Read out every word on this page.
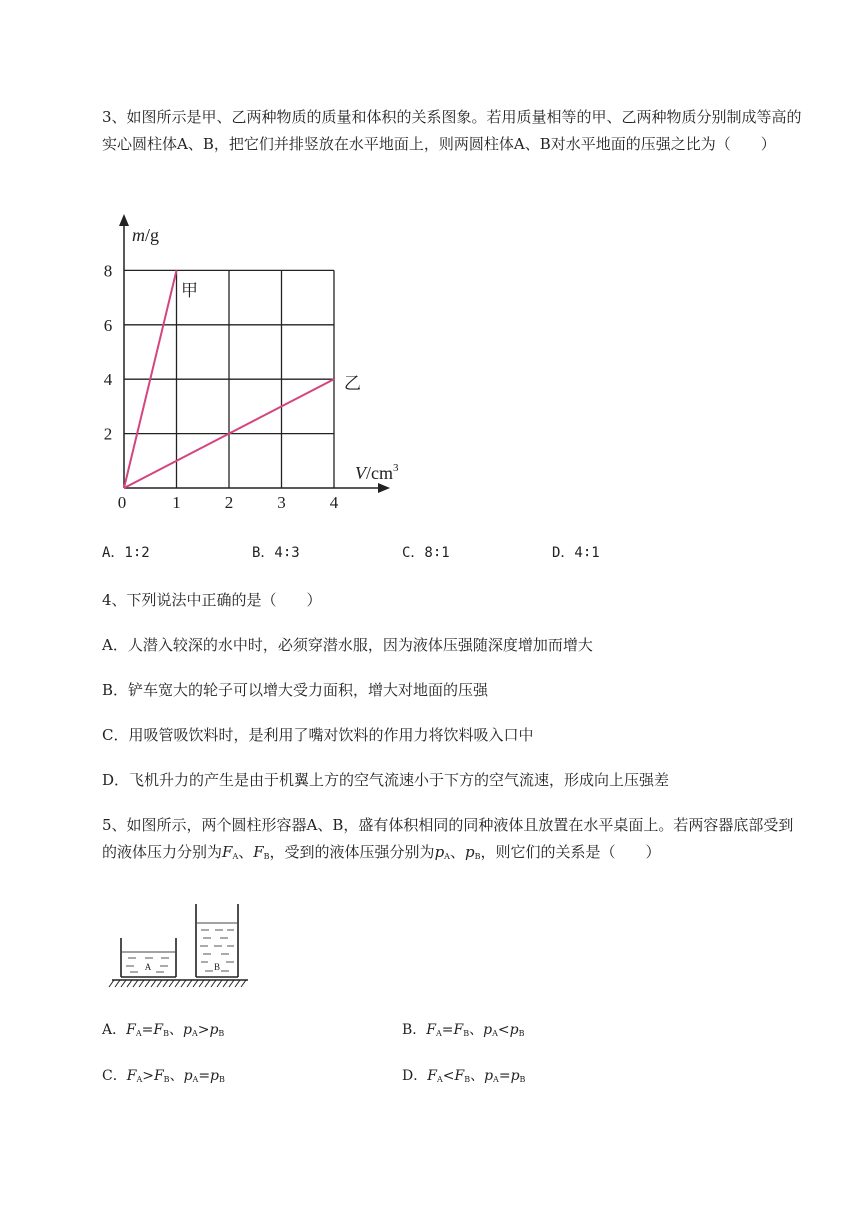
3、如图所示是甲、乙两种物质的质量和体积的关系图象。若用质量相等的甲、乙两种物质分别制成等高的实心圆柱体A、B，把它们并排竖放在水平地面上，则两圆柱体A、B对水平地面的压强之比为（　　）

0	1	2	3	4
2
4
6
8
甲
乙
m/g
$V/cm^3$
A．1∶2	B．4∶3	C．8∶1	D．4∶1

4、下列说法中正确的是（　　）

A．人潜入较深的水中时，必须穿潜水服，因为液体压强随深度增加而增大

B．铲车宽大的轮子可以增大受力面积，增大对地面的压强

C．用吸管吸饮料时，是利用了嘴对饮料的作用力将饮料吸入口中

D．飞机升力的产生是由于机翼上方的空气流速小于下方的空气流速，形成向上压强差

5、如图所示，两个圆柱形容器A、B，盛有体积相同的同种液体且放置在水平桌面上。若两容器底部受到的液体压力分别为$F_A$、$F_B$，受到的液体压强分别为$p_A$、$p_B$，则它们的关系是（　　）

A	B
A．$F_A=F_B$、$p_A>p_B$	B．$F_A=F_B$、$p_A<p_B$
C．$F_A>F_B$、$p_A=p_B$	D．$F_A<F_B$、$p_A=p_B$
